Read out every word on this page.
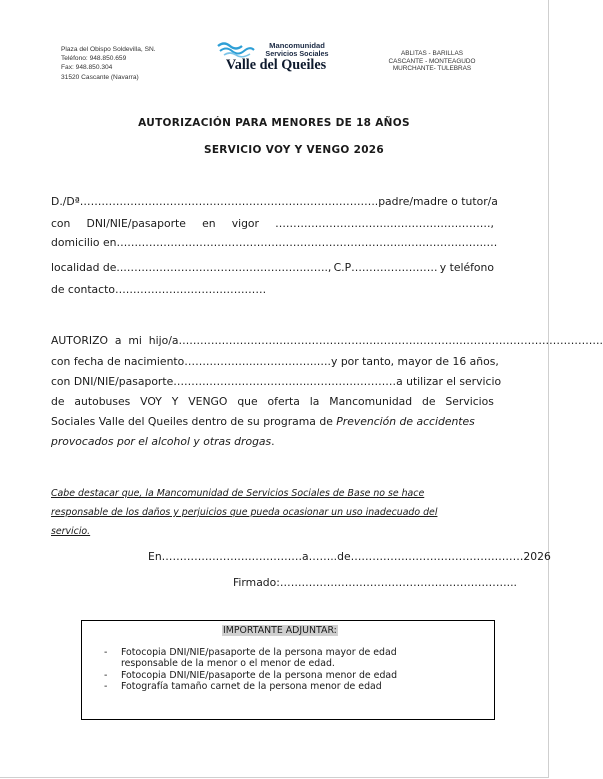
Plaza del Obispo Soldevilla, SN.
Teléfono: 948.850.659
Fax: 948.850.304
31520 Cascante (Navarra)
Mancomunidad
Servicios Sociales
Valle del Queiles
ABLITAS - BARILLAS
CASCANTE - MONTEAGUDO
MURCHANTE- TULEBRAS
AUTORIZACIÓN PARA MENORES DE 18 AÑOS
SERVICIO VOY Y VENGO 2026
D./Dª ……………………………………………………………………….. padre/madre o tutor/a
con DNI/NIE/pasaporte en vigor …………………………..……………….………,
domicilio en ……………………………………………………………………..…………………..…
localidad de..…………………………………….…….……., C.P…………………… y teléfono
de contacto……………………………………
AUTORIZO
a
mi
hijo/a ……………………………………………………………………………………………………….
con fecha de nacimiento………………..……………..…. y por tanto, mayor de 16 años,
con DNI/NIE/pasaporte………………………………..…………………… a utilizar el servicio
de autobuses VOY Y VENGO que oferta la Mancomunidad de Servicios
Sociales Valle del Queiles dentro de su programa de Prevención de accidentes
provocados por el alcohol y otras drogas.
Cabe destacar que, la Mancomunidad de Servicios Sociales de Base no se hace
responsable de los daños y perjuicios que pueda ocasionar un uso inadecuado del
servicio.
En…………………………………a……..de…………………………………………2026
Firmado:………………………………………………………...
IMPORTANTE ADJUNTAR:
- Fotocopia DNI/NIE/pasaporte de la persona mayor de edad
responsable de la menor o el menor de edad.
- Fotocopia DNI/NIE/pasaporte de la persona menor de edad
- Fotografía tamaño carnet de la persona menor de edad
